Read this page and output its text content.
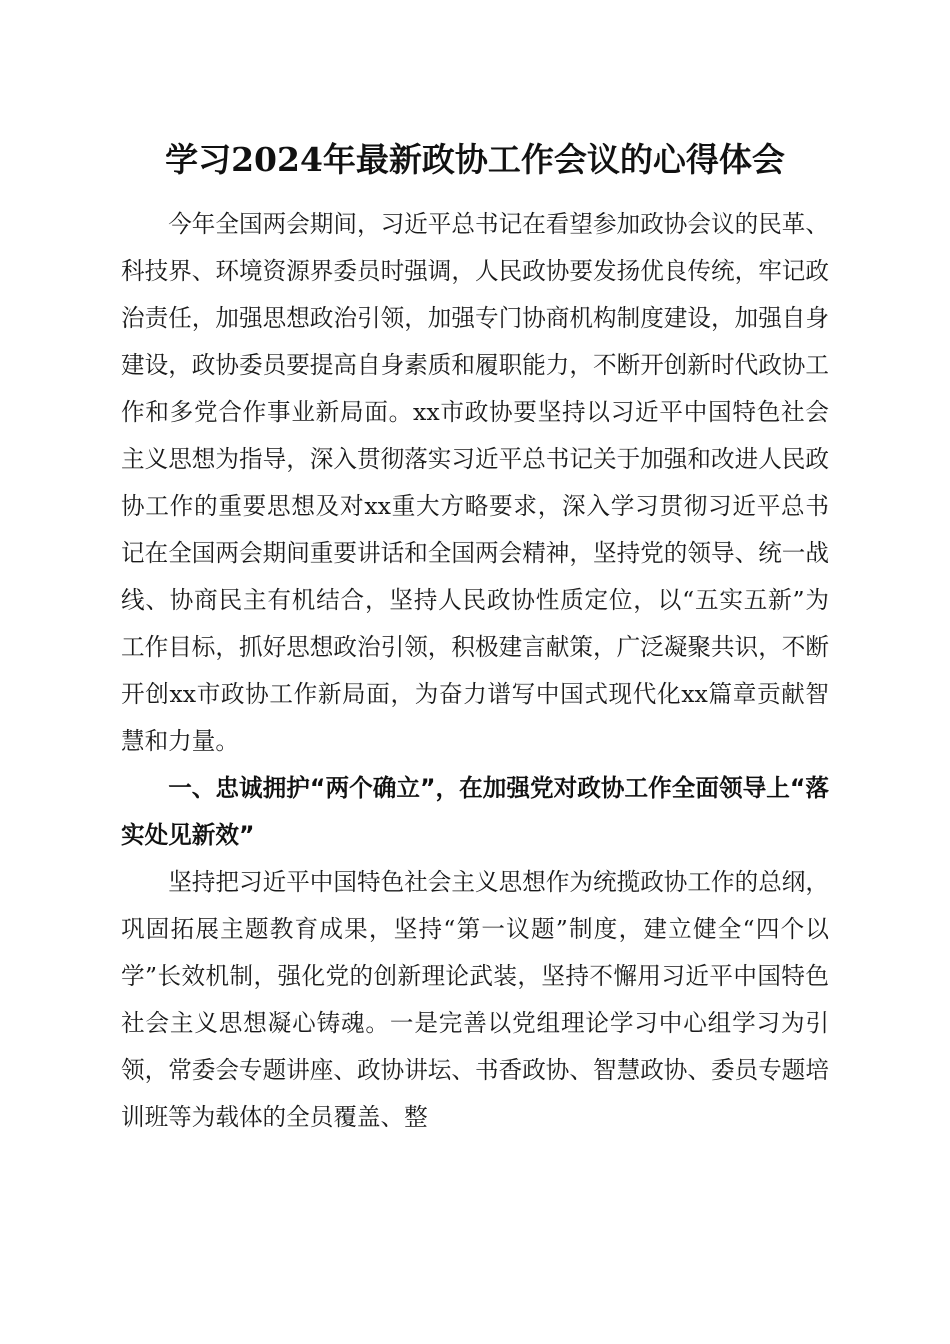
学习2024年最新政协工作会议的心得体会

今年全国两会期间，习近平总书记在看望参加政协会议的民革、科技界、环境资源界委员时强调，人民政协要发扬优良传统，牢记政治责任，加强思想政治引领，加强专门协商机构制度建设，加强自身建设，政协委员要提高自身素质和履职能力，不断开创新时代政协工作和多党合作事业新局面。xx市政协要坚持以习近平中国特色社会主义思想为指导，深入贯彻落实习近平总书记关于加强和改进人民政协工作的重要思想及对xx重大方略要求，深入学习贯彻习近平总书记在全国两会期间重要讲话和全国两会精神，坚持党的领导、统一战线、协商民主有机结合，坚持人民政协性质定位，以“五实五新”为工作目标，抓好思想政治引领，积极建言献策，广泛凝聚共识，不断开创xx市政协工作新局面，为奋力谱写中国式现代化xx篇章贡献智慧和力量。

一、忠诚拥护“两个确立”，在加强党对政协工作全面领导上“落实处见新效”

坚持把习近平中国特色社会主义思想作为统揽政协工作的总纲，巩固拓展主题教育成果，坚持“第一议题”制度，建立健全“四个以学”长效机制，强化党的创新理论武装，坚持不懈用习近平中国特色社会主义思想凝心铸魂。一是完善以党组理论学习中心组学习为引领，常委会专题讲座、政协讲坛、书香政协、智慧政协、委员专题培训班等为载体的全员覆盖、整
